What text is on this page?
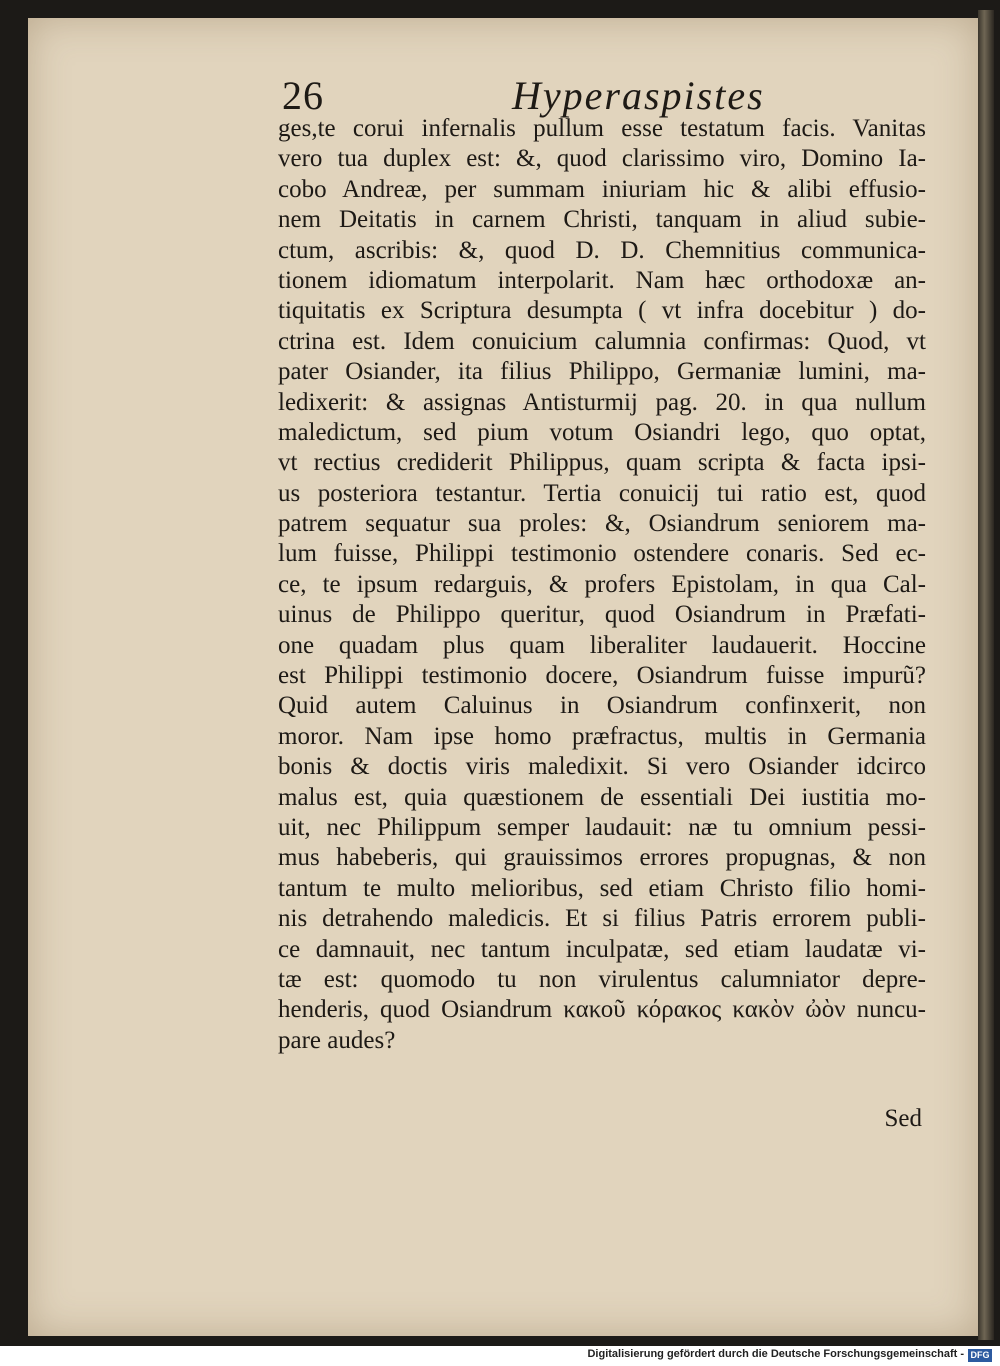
26	Hyperaspistes
ges,te corui infernalis pullum esse testatum facis. Vanitas
vero tua duplex est: &, quod clarissimo viro, Domino Ia-
cobo Andreæ, per summam iniuriam hic & alibi effusio-
nem Deitatis in carnem Christi, tanquam in aliud subie-
ctum, ascribis: &, quod D. D. Chemnitius communica-
tionem idiomatum interpolarit. Nam hæc orthodoxæ an-
tiquitatis ex Scriptura desumpta ( vt infra docebitur ) do-
ctrina est. Idem conuicium calumnia confirmas: Quod, vt
pater Osiander, ita filius Philippo, Germaniæ lumini, ma-
ledixerit: & assignas Antisturmij pag. 20. in qua nullum
maledictum, sed pium votum Osiandri lego, quo optat,
vt rectius crediderit Philippus, quam scripta & facta ipsi-
us posteriora testantur. Tertia conuicij tui ratio est, quod
patrem sequatur sua proles: &, Osiandrum seniorem ma-
lum fuisse, Philippi testimonio ostendere conaris. Sed ec-
ce, te ipsum redarguis, & profers Epistolam, in qua Cal-
uinus de Philippo queritur, quod Osiandrum in Præfati-
one quadam plus quam liberaliter laudauerit. Hoccine
est Philippi testimonio docere, Osiandrum fuisse impurũ?
Quid autem Caluinus in Osiandrum confinxerit, non
moror. Nam ipse homo præfractus, multis in Germania
bonis & doctis viris maledixit. Si vero Osiander idcirco
malus est, quia quæstionem de essentiali Dei iustitia mo-
uit, nec Philippum semper laudauit: næ tu omnium pessi-
mus habeberis, qui grauissimos errores propugnas, & non
tantum te multo melioribus, sed etiam Christo filio homi-
nis detrahendo maledicis. Et si filius Patris errorem publi-
ce damnauit, nec tantum inculpatæ, sed etiam laudatæ vi-
tæ est: quomodo tu non virulentus calumniator depre-
henderis, quod Osiandrum κακοῦ κόρακος κακὸν ὠὸν nuncu-
pare audes?
Sed
Digitalisierung gefördert durch die Deutsche Forschungsgemeinschaft - DFG
